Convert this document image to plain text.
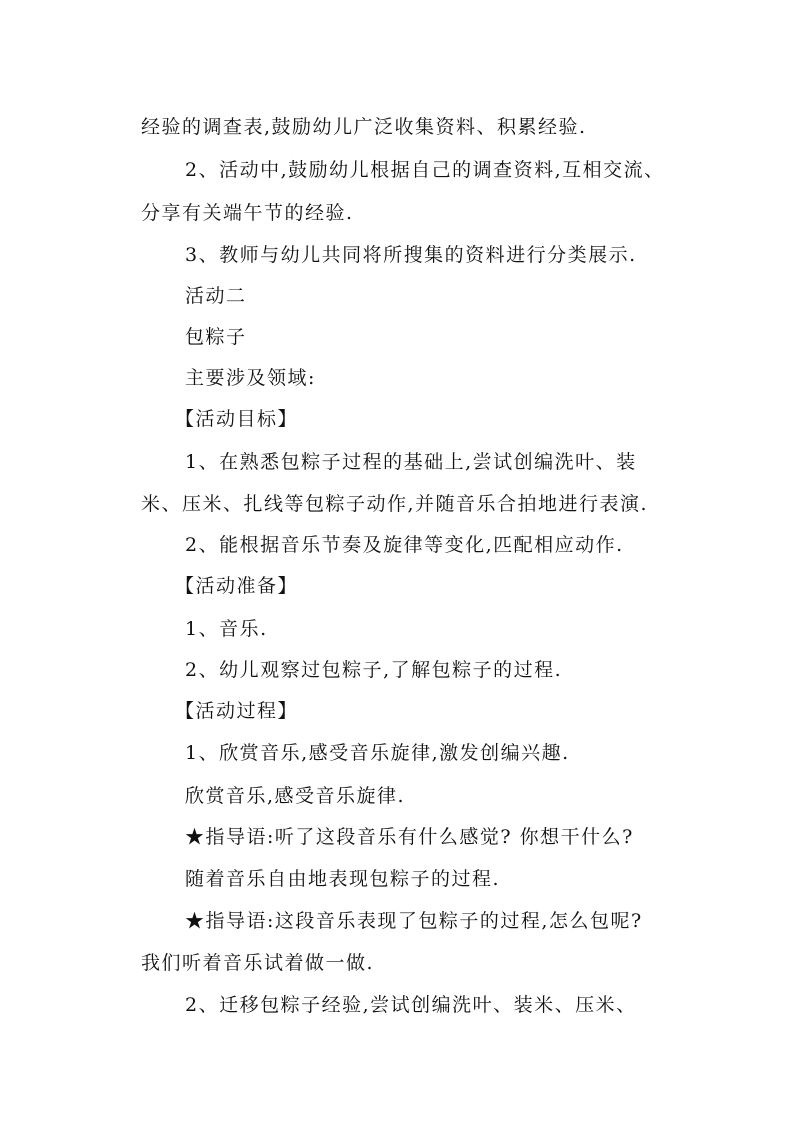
经验的调查表,鼓励幼儿广泛收集资料、积累经验.
2、活动中,鼓励幼儿根据自己的调查资料,互相交流、
分享有关端午节的经验.
3、教师与幼儿共同将所搜集的资料进行分类展示.
活动二
包粽子
主要涉及领域:
【活动目标】
1、在熟悉包粽子过程的基础上,尝试创编洗叶、装
米、压米、扎线等包粽子动作,并随音乐合拍地进行表演.
2、能根据音乐节奏及旋律等变化,匹配相应动作.
【活动准备】
1、音乐.
2、幼儿观察过包粽子,了解包粽子的过程.
【活动过程】
1、欣赏音乐,感受音乐旋律,激发创编兴趣.
欣赏音乐,感受音乐旋律.
★指导语:听了这段音乐有什么感觉? 你想干什么?
随着音乐自由地表现包粽子的过程.
★指导语:这段音乐表现了包粽子的过程,怎么包呢?
我们听着音乐试着做一做.
2、迁移包粽子经验,尝试创编洗叶、装米、压米、
